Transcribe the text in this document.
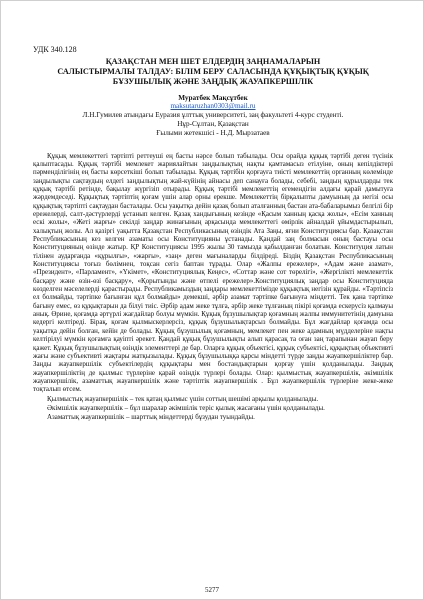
УДК 340.128
ҚАЗАҚСТАН МЕН ШЕТ ЕЛДЕРДІҢ ЗАҢНАМАЛАРЫН
САЛЫСТЫРМАЛЫ ТАЛДАУ: БІЛІМ БЕРУ САЛАСЫНДА ҚҰҚЫҚТЫҚ ҚҰҚЫҚ
БҰЗУШЫЛЫҚ ЖӘНЕ ЗАҢДЫҚ ЖАУАПКЕРШІЛІК
Муратбек Мақсұтбек
maksutaruzhan0303@mail.ru
Л.Н.Гумилев атындағы Еуразия ұлттық университеті, заң факультеті 4-курс студенті.
Нұр-Сұлтан, Қазақстан
Ғылыми жетекшісі - Н.Д. Мырзатаев

Құқық мемлекеттегі тәртіпті реттеуші ең басты нәрсе болып табылады. Осы орайда құқық тәртібі деген түсінік қалыптасады. Құқық тәртібі мемлекет жариялайтын заңдылықтың нақты қамтамасыз етілуіне, оның кепілдіктері пәрменділігінің ең басты көрсеткіші болып табылады. Құқық тәртібін қорғауға тиісті мемлекеттің органның көлемінде заңдылықты сақтаудың елдегі заңдылықтың жай-күйінің айнасы деп санауға болады, себебі, заңдың құрылдарды тек құқық тәртібі ретінде, бақылау жүргізіп отырады. Құқық тәртібі мемлекеттің егемендігін алдағы қарай дамытуға жәрдемдеседі. Құқықтық тәртіптің қоғам үшін алар орны ерекше. Мемлекеттің бірқалыпты дамуының да негізі осы құқықтық тәртіпті сақтаудан басталады. Осы уақытқа дейін қазақ болып аталғанның бастан ата-бабаларымыз белгілі бір ережелерді, салт-дәстүрлерді ұстанып келген. Қазақ хандығының кезінде «Қасым ханның қасқа жолы», «Есім ханның ескі жолы», «Жеті жарғы» секілді заңдар жинағының арқасында мемлекеттегі өмірлік айналдай ұйымдастырылып, халықтың жолы. Ал қазіргі уақытта Қазақстан Республикасының өзіндік Ата Заңы, яғни Конституциясы бар. Қазақстан Республикасының кез келген азаматы осы Конституцияны ұстанады. Қандай заң болмасын оның бастауы осы Конституцияның өзінде жатыр. ҚР Конституциясы 1995 жылы 30 тамызда қабылданған болатын. Конституция латын тілінен аударғанда «құрылғы», «жарғы», «заң» деген мағыналарды білдіреді. Біздің Қазақстан Республикасының Конституциясы тоғыз бөлімнен, тоқсан сегіз баптан тұрады. Олар «Жалпы ережелер», «Адам және азамат», «Президент», «Парламент», «Үкімет», «Конституциялық Кеңес», «Соттар және сот төрелігі», «Жергілікті мемлекеттік басқару және өзін-өзі басқару», «Қорытынды және өтпелі ережелер».Конституциялық заңдар осы Конституцияда көзделген мәселелерді қарастырады. Республикамыздың заңдары мемлекеттімізде құқықтық негізін құрайды. «Тәртіпсіз ел болмайды, тәртіпке бағынған құл болмайды» демекші, әрбір азамат тәртіпке бағынуға міндетті. Тек қана тәртіпке бағыну емес, өз құқықтарын да білуі тиіс. Әрбір адам жеке тұлға, әрбір жеке тұлғаның пікірі қоғамда ескерусіз қалмауы анық. Өрине, қоғамда әртүрлі жағдайлар болуы мүмкін. Құқық бұзушылықтар қоғамның жалпы иммунитетінің дамуына кедергі келтіреді. Бірақ, қоғам қылмыскерлерсіз, құқық бұзушылықтарсыз болмайды. Бұл жағдайлар қоғамда осы уақытқа дейін болған, кейін де болады. Құқық бұзушылық қоғамның, мемлекет пен жеке адамның мүдделеріне нақты келтірілуі мүмкін қоғамға қауіпті әрекет. Қандай құқық бұзушылықты алып қарасақ та оған заң тарапынан жауап беру қажет. Құқық бұзушылықтың өзіндік элементтері де бар. Оларға құқық объектісі, құқық субъектісі, құқықтың объективті жағы және субъективті жақтары жатқызылады. Құқық бұзушылыққа қарсы міндетті түрде заңды жауапкершіліктер бар. Заңды жауапкершілік субъектілердің құқықтары мен бостандықтарын қорғау үшін қолданылады. Заңдық жауапкершіліктің де қылмыс түрлеріне қарай өзіндік түрлері болады. Олар: қылмыстық жауапкершілік, әкімшілік жауапкершілік, азаматтық жауапкершілік және тәртіптік жауапкершілік . Бұл жауапкершілік түрлеріне жеке-жеке тоқталып өтсем.

Қылмыстық жауапкершілік – тек қатаң қылмыс үшін соттың шешімі арқылы қолданылады.

Әкімшілік жауапкершілік – бұл шаралар әкімшілік теріс қылық жасағаны үшін қолданылады.

Азаматтық жауапкершілік – шарттық міндеттерді бұзудан туындайды.

5277
